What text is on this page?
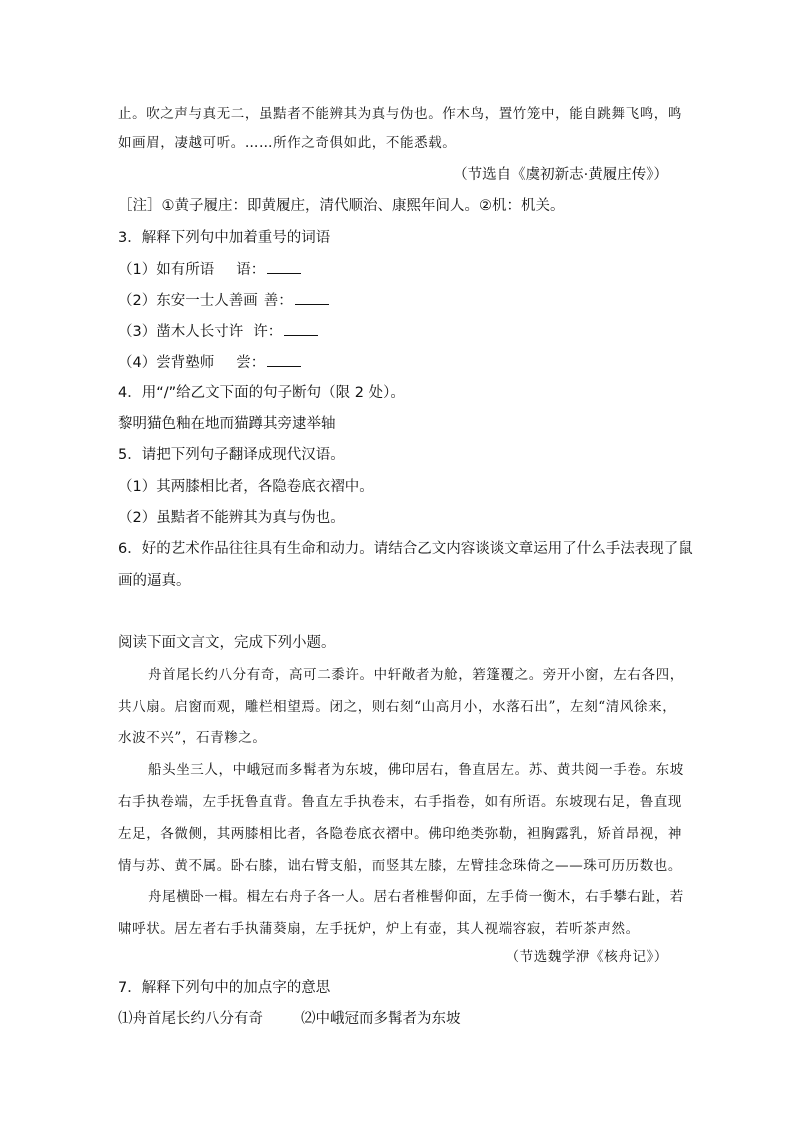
止。吹之声与真无二，虽黠者不能辨其为真与伪也。作木鸟，置竹笼中，能自跳舞飞鸣，鸣
如画眉，凄越可听。……所作之奇俱如此，不能悉载。
（节选自《虞初新志·黄履庄传》）
［注］①黄子履庄：即黄履庄，清代顺治、康熙年间人。②机：机关。
3．解释下列句中加着重号的词语
（1）如有所语 语：
（2）东安一士人善画 善：
（3）凿木人长寸许 许：
（4）尝背塾师 尝：
4．用“/”给乙文下面的句子断句（限 2 处）。
黎明猫色釉在地而猫蹲其旁逮举轴
5．请把下列句子翻译成现代汉语。
（1）其两膝相比者，各隐卷底衣褶中。
（2）虽黠者不能辨其为真与伪也。
6．好的艺术作品往往具有生命和动力。请结合乙文内容谈谈文章运用了什么手法表现了鼠
画的逼真。
阅读下面文言文，完成下列小题。
舟首尾长约八分有奇，高可二黍许。中轩敞者为舱，箬篷覆之。旁开小窗，左右各四，
共八扇。启窗而观，雕栏相望焉。闭之，则右刻“山高月小，水落石出”，左刻“清风徐来，
水波不兴”，石青糁之。
船头坐三人，中峨冠而多髯者为东坡，佛印居右，鲁直居左。苏、黄共阅一手卷。东坡
右手执卷端，左手抚鲁直背。鲁直左手执卷末，右手指卷，如有所语。东坡现右足，鲁直现
左足，各微侧，其两膝相比者，各隐卷底衣褶中。佛印绝类弥勒，袒胸露乳，矫首昂视，神
情与苏、黄不属。卧右膝，诎右臂支船，而竖其左膝，左臂挂念珠倚之——珠可历历数也。
舟尾横卧一楫。楫左右舟子各一人。居右者椎髻仰面，左手倚一衡木，右手攀右趾，若
啸呼状。居左者右手执蒲葵扇，左手抚炉，炉上有壶，其人视端容寂，若听茶声然。
（节选魏学洢《核舟记》）
7．解释下列句中的加点字的意思
⑴舟首尾长约八分有奇	⑵中峨冠而多髯者为东坡
